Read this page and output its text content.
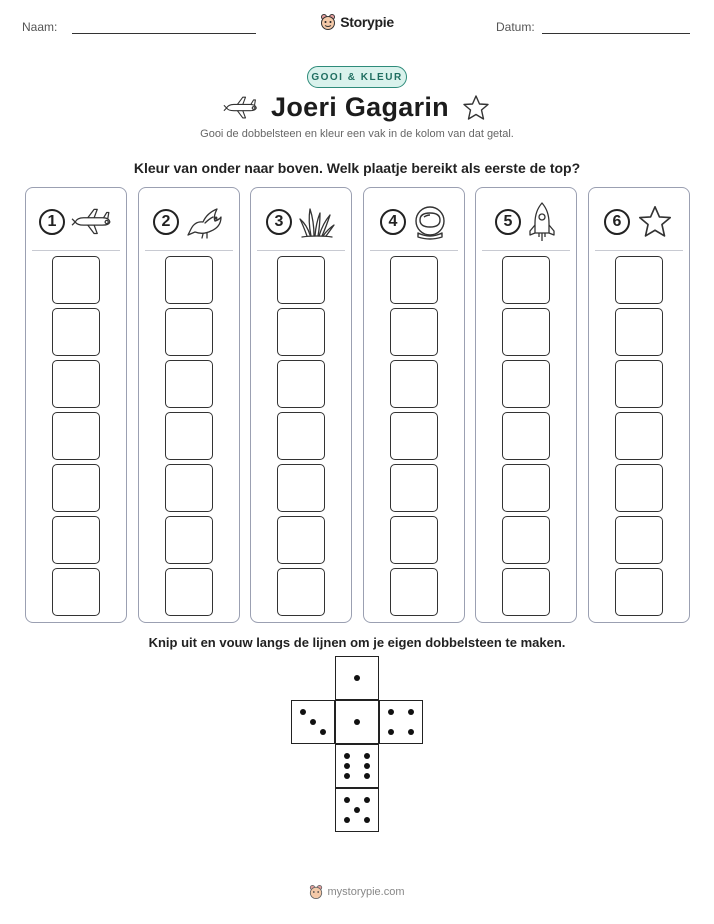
Naam:	Storypie	Datum:
GOOI & KLEUR
Joeri Gagarin
Gooi de dobbelsteen en kleur een vak in de kolom van dat getal.
Kleur van onder naar boven. Welk plaatje bereikt als eerste de top?
1	2	3	4	5	6
Knip uit en vouw langs de lijnen om je eigen dobbelsteen te maken.
mystorypie.com
